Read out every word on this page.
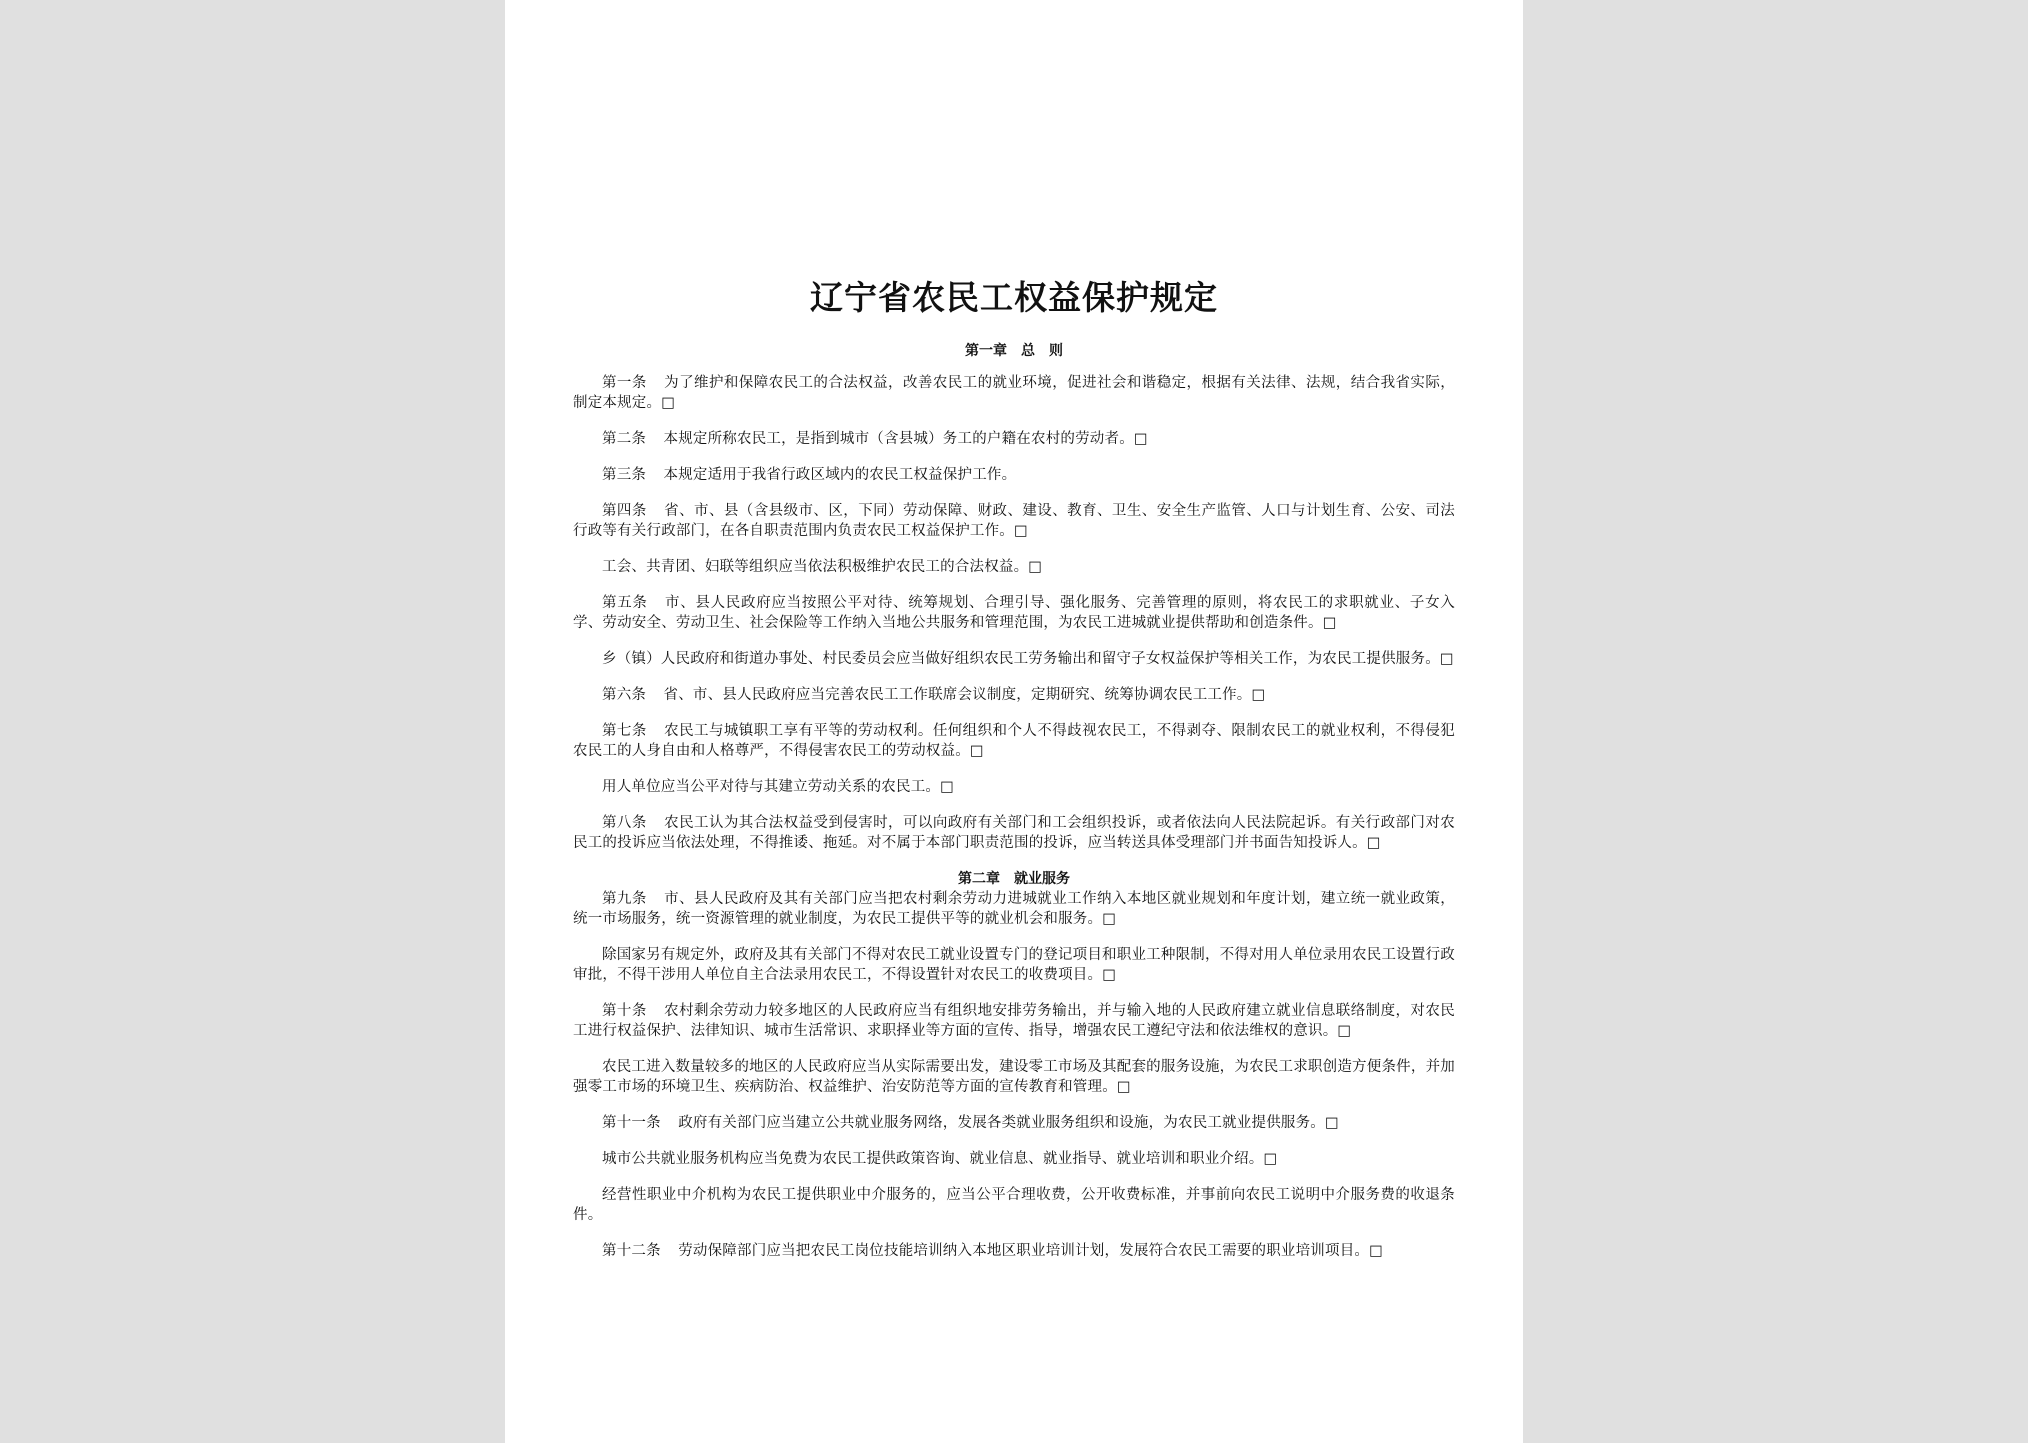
辽宁省农民工权益保护规定
第一章　总　则

第一条 为了维护和保障农民工的合法权益，改善农民工的就业环境，促进社会和谐稳定，根据有关法律、法规，结合我省实际，制定本规定。□

第二条 本规定所称农民工，是指到城市（含县城）务工的户籍在农村的劳动者。□

第三条 本规定适用于我省行政区域内的农民工权益保护工作。

第四条 省、市、县（含县级市、区，下同）劳动保障、财政、建设、教育、卫生、安全生产监管、人口与计划生育、公安、司法行政等有关行政部门，在各自职责范围内负责农民工权益保护工作。□

工会、共青团、妇联等组织应当依法积极维护农民工的合法权益。□

第五条 市、县人民政府应当按照公平对待、统筹规划、合理引导、强化服务、完善管理的原则，将农民工的求职就业、子女入学、劳动安全、劳动卫生、社会保险等工作纳入当地公共服务和管理范围，为农民工进城就业提供帮助和创造条件。□

乡（镇）人民政府和街道办事处、村民委员会应当做好组织农民工劳务输出和留守子女权益保护等相关工作，为农民工提供服务。□

第六条 省、市、县人民政府应当完善农民工工作联席会议制度，定期研究、统筹协调农民工工作。□

第七条 农民工与城镇职工享有平等的劳动权利。任何组织和个人不得歧视农民工，不得剥夺、限制农民工的就业权利，不得侵犯农民工的人身自由和人格尊严，不得侵害农民工的劳动权益。□

用人单位应当公平对待与其建立劳动关系的农民工。□

第八条 农民工认为其合法权益受到侵害时，可以向政府有关部门和工会组织投诉，或者依法向人民法院起诉。有关行政部门对农民工的投诉应当依法处理，不得推诿、拖延。对不属于本部门职责范围的投诉，应当转送具体受理部门并书面告知投诉人。□

第二章　就业服务

第九条 市、县人民政府及其有关部门应当把农村剩余劳动力进城就业工作纳入本地区就业规划和年度计划，建立统一就业政策，统一市场服务，统一资源管理的就业制度，为农民工提供平等的就业机会和服务。□

除国家另有规定外，政府及其有关部门不得对农民工就业设置专门的登记项目和职业工种限制，不得对用人单位录用农民工设置行政审批，不得干涉用人单位自主合法录用农民工，不得设置针对农民工的收费项目。□

第十条 农村剩余劳动力较多地区的人民政府应当有组织地安排劳务输出，并与输入地的人民政府建立就业信息联络制度，对农民工进行权益保护、法律知识、城市生活常识、求职择业等方面的宣传、指导，增强农民工遵纪守法和依法维权的意识。□

农民工进入数量较多的地区的人民政府应当从实际需要出发，建设零工市场及其配套的服务设施，为农民工求职创造方便条件，并加强零工市场的环境卫生、疾病防治、权益维护、治安防范等方面的宣传教育和管理。□

第十一条 政府有关部门应当建立公共就业服务网络，发展各类就业服务组织和设施，为农民工就业提供服务。□

城市公共就业服务机构应当免费为农民工提供政策咨询、就业信息、就业指导、就业培训和职业介绍。□

经营性职业中介机构为农民工提供职业中介服务的，应当公平合理收费，公开收费标准，并事前向农民工说明中介服务费的收退条件。

第十二条 劳动保障部门应当把农民工岗位技能培训纳入本地区职业培训计划，发展符合农民工需要的职业培训项目。□
